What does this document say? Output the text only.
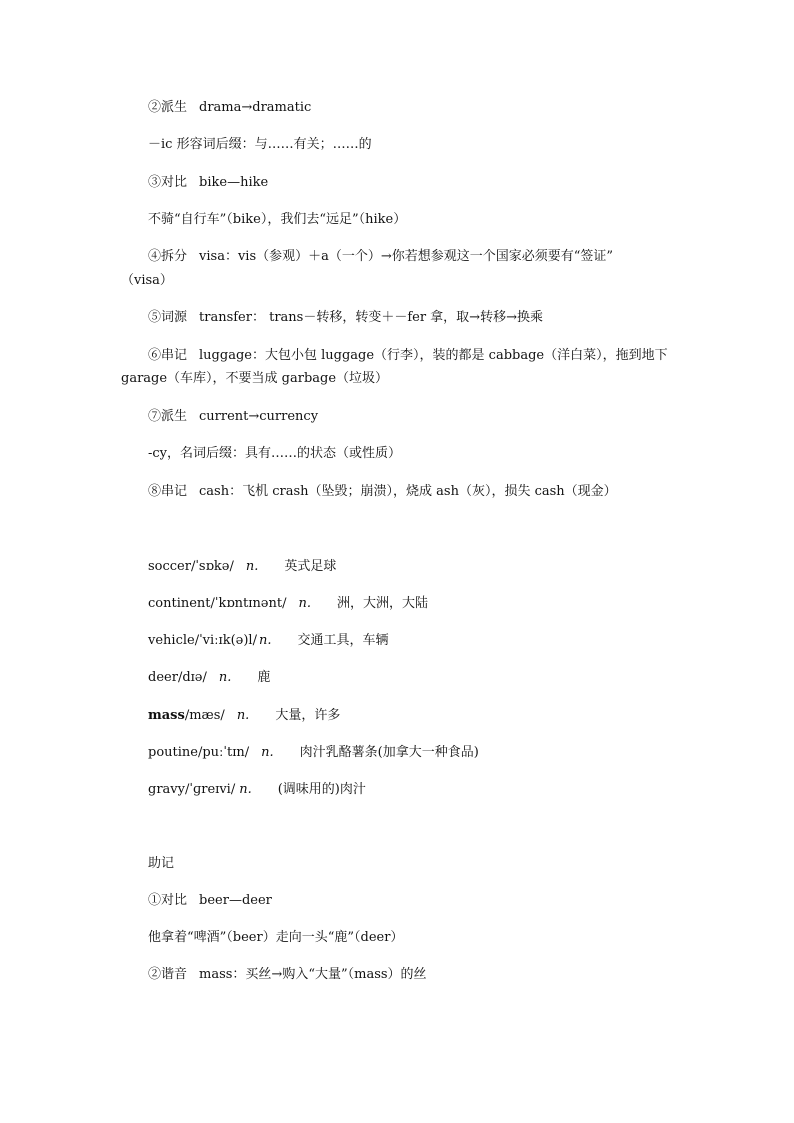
②派生 drama→dramatic
－ic 形容词后缀：与……有关；……的
③对比 bike—hike
不骑“自行车”（bike），我们去“远足”（hike）
④拆分 visa：vis（参观）＋a（一个）→你若想参观这一个国家必须要有“签证”
（visa）
⑤词源 transfer： trans－转移，转变＋－fer 拿，取→转移→换乘
⑥串记 luggage：大包小包 luggage（行李），装的都是 cabbage（洋白菜），拖到地下
garage（车库），不要当成 garbage（垃圾）
⑦派生 current→currency
-cy，名词后缀：具有……的状态（或性质）
⑧串记 cash：飞机 crash（坠毁；崩溃），烧成 ash（灰），损失 cash（现金）
soccer/ˈsɒkə/ n. 英式足球
continent/ˈkɒntɪnənt/ n. 洲，大洲，大陆
vehicle/ˈviːɪk(ə)l/ n. 交通工具，车辆
deer/dɪə/ n. 鹿
mass/mæs/ n. 大量，许多
poutine/puːˈtɪn/ n. 肉汁乳酪薯条(加拿大一种食品)
gravy/ˈɡreɪvi/ n. (调味用的)肉汁
助记
①对比 beer—deer
他拿着“啤酒”（beer）走向一头“鹿”（deer）
②谐音 mass：买丝→购入“大量”（mass）的丝
